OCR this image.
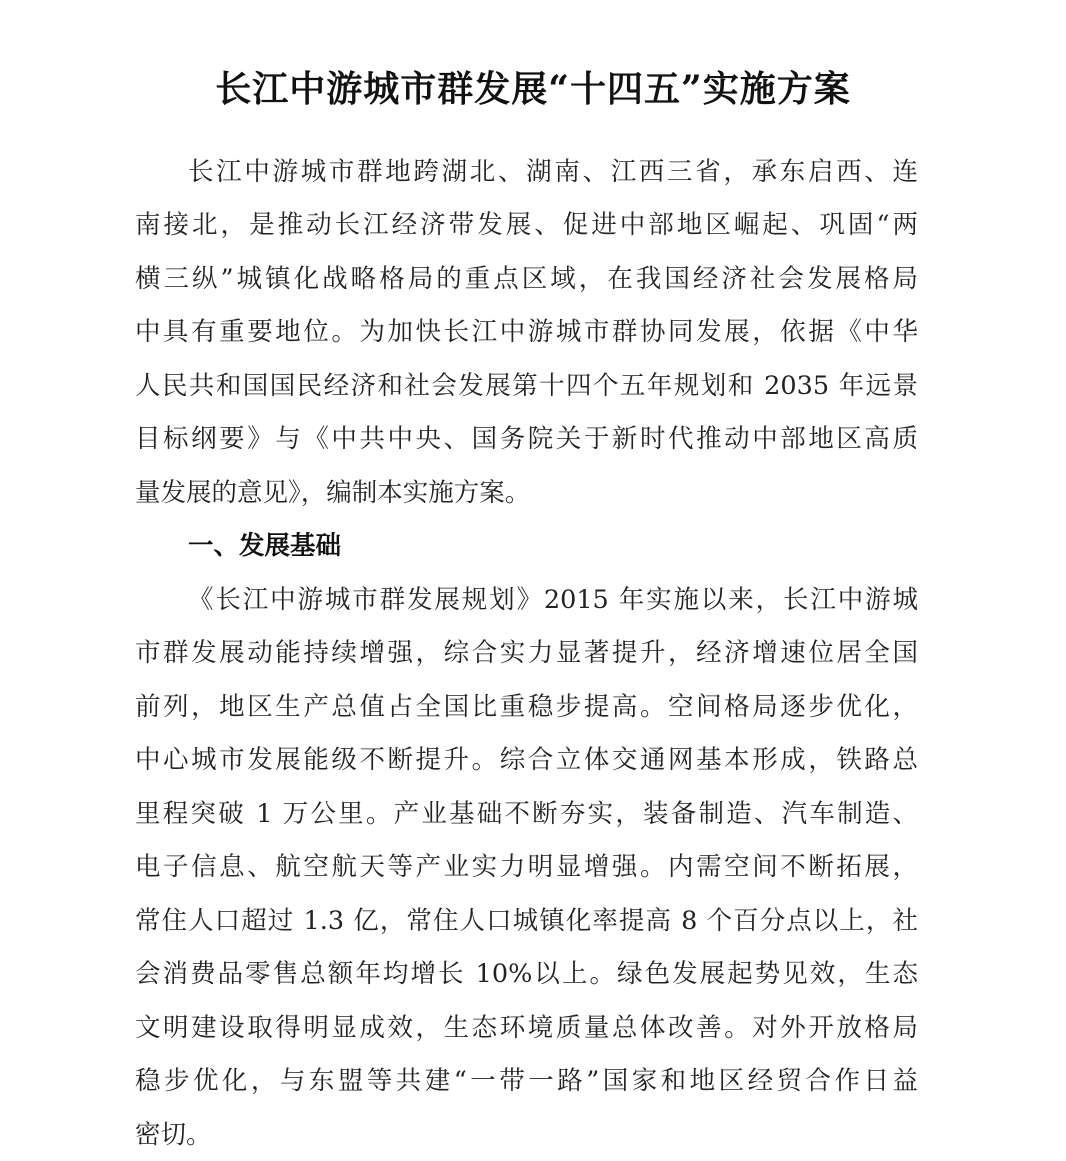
长江中游城市群发展“十四五”实施方案
长江中游城市群地跨湖北、湖南、江西三省，承东启西、连
南接北，是推动长江经济带发展、促进中部地区崛起、巩固“两
横三纵”城镇化战略格局的重点区域，在我国经济社会发展格局
中具有重要地位。为加快长江中游城市群协同发展，依据《中华
人民共和国国民经济和社会发展第十四个五年规划和 2035 年远景
目标纲要》与《中共中央、国务院关于新时代推动中部地区高质
量发展的意见》，编制本实施方案。
一、发展基础
《长江中游城市群发展规划》2015 年实施以来，长江中游城
市群发展动能持续增强，综合实力显著提升，经济增速位居全国
前列，地区生产总值占全国比重稳步提高。空间格局逐步优化，
中心城市发展能级不断提升。综合立体交通网基本形成，铁路总
里程突破 1 万公里。产业基础不断夯实，装备制造、汽车制造、
电子信息、航空航天等产业实力明显增强。内需空间不断拓展，
常住人口超过 1.3 亿，常住人口城镇化率提高 8 个百分点以上，社
会消费品零售总额年均增长 10%以上。绿色发展起势见效，生态
文明建设取得明显成效，生态环境质量总体改善。对外开放格局
稳步优化，与东盟等共建“一带一路”国家和地区经贸合作日益
密切。
